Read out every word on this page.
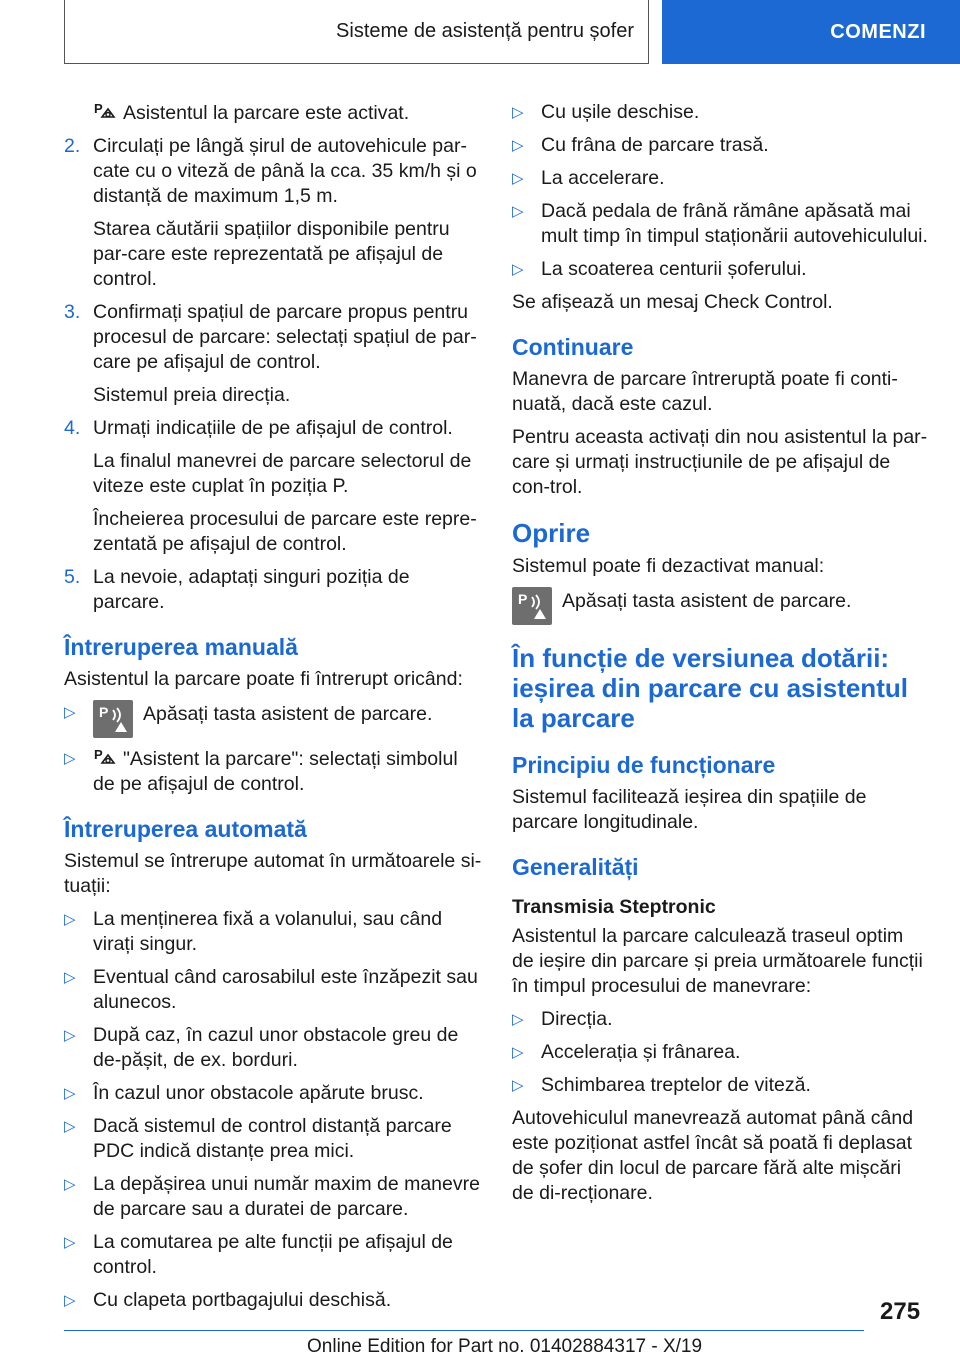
Sisteme de asistență pentru șofer	COMENZI

P Asistentul la parcare este activat.

2. Circulați pe lângă șirul de autovehicule par-cate cu o viteză de până la cca. 35 km/h și o distanță de maximum 1,5 m.

Starea căutării spațiilor disponibile pentru par-care este reprezentată pe afișajul de control.

3. Confirmați spațiul de parcare propus pentru procesul de parcare: selectați spațiul de par-care pe afișajul de control.

Sistemul preia direcția.

4. Urmați indicațiile de pe afișajul de control.

La finalul manevrei de parcare selectorul de viteze este cuplat în poziția P.

Încheierea procesului de parcare este repre-zentată pe afișajul de control.

5. La nevoie, adaptați singuri poziția de parcare.
Întreruperea manuală

Asistentul la parcare poate fi întrerupt oricând:

▷ P Apăsați tasta asistent de parcare.
▷ P "Asistent la parcare": selectați simbolul de pe afișajul de control.
Întreruperea automată

Sistemul se întrerupe automat în următoarele si-tuații:

▷ La menținerea fixă a volanului, sau când virați singur.
▷ Eventual când carosabilul este înzăpezit sau alunecos.
▷ După caz, în cazul unor obstacole greu de de-pășit, de ex. borduri.
▷ În cazul unor obstacole apărute brusc.
▷ Dacă sistemul de control distanță parcare PDC indică distanțe prea mici.
▷ La depășirea unui număr maxim de manevre de parcare sau a duratei de parcare.
▷ La comutarea pe alte funcții pe afișajul de control.
▷ Cu clapeta portbagajului deschisă.
▷ Cu ușile deschise.
▷ Cu frâna de parcare trasă.
▷ La accelerare.
▷ Dacă pedala de frână rămâne apăsată mai mult timp în timpul staționării autovehiculului.
▷ La scoaterea centurii șoferului.

Se afișează un mesaj Check Control.

Continuare

Manevra de parcare întreruptă poate fi conti-nuată, dacă este cazul.

Pentru aceasta activați din nou asistentul la par-care și urmați instrucțiunile de pe afișajul de con-trol.

Oprire

Sistemul poate fi dezactivat manual:

P Apăsați tasta asistent de parcare.
În funcție de versiunea dotării: ieșirea din parcare cu asistentul la parcare
Principiu de funcționare

Sistemul facilitează ieșirea din spațiile de parcare longitudinale.

Generalități
Transmisia Steptronic

Asistentul la parcare calculează traseul optim de ieșire din parcare și preia următoarele funcții în timpul procesului de manevrare:

▷ Direcția.
▷ Accelerația și frânarea.
▷ Schimbarea treptelor de viteză.

Autovehiculul manevrează automat până când este poziționat astfel încât să poată fi deplasat de șofer din locul de parcare fără alte mișcări de di-recționare.

275
Online Edition for Part no. 01402884317 - X/19
